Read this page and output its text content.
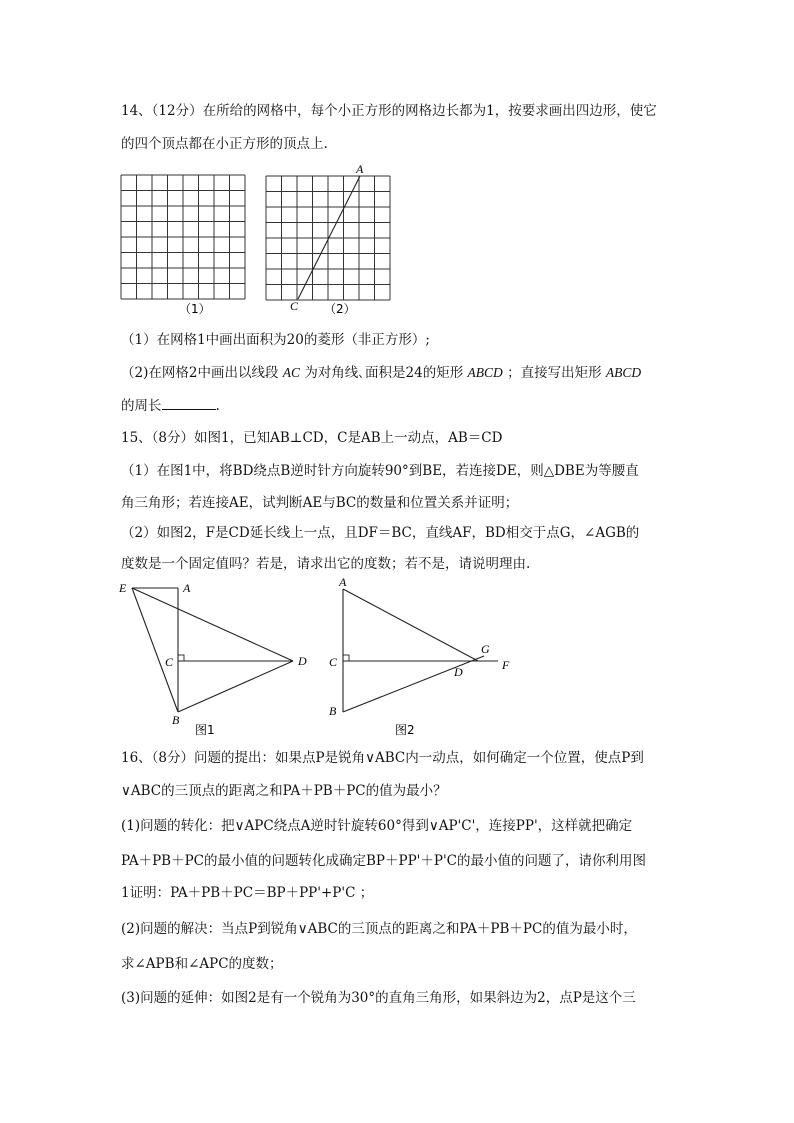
14、（12分）在所给的网格中，每个小正方形的网格边长都为1，按要求画出四边形，使它
的四个顶点都在小正方形的顶点上.
（1）
A
C （2）
（1）在网格1中画出面积为20的菱形（非正方形）;
（2)在网格2中画出以线段 AC 为对角线､面积是24的矩形 ABCD ；直接写出矩形 ABCD
的周长	.
15、（8分）如图1，已知AB⊥CD，C是AB上一动点，AB＝CD
（1）在图1中，将BD绕点B逆时针方向旋转90°到BE，若连接DE，则△DBE为等腰直
角三角形；若连接AE，试判断AE与BC的数量和位置关系并证明；
（2）如图2，F是CD延长线上一点，且DF＝BC，直线AF，BD相交于点G，∠AGB的
度数是一个固定值吗？若是，请求出它的度数；若不是，请说明理由.
E	A
C	D
B
图1
A
G
C
D	F
B
图2
16、（8分）问题的提出：如果点P是锐角∨ABC内一动点，如何确定一个位置，使点P到
∨ABC的三顶点的距离之和PA＋PB＋PC的值为最小？
(1)问题的转化：把∨APC绕点A逆时针旋转60°得到∨AP'C'，连接PP'，这样就把确定
PA＋PB＋PC的最小值的问题转化成确定BP＋PP'＋P'C的最小值的问题了，请你利用图
1证明：PA＋PB＋PC＝BP＋PP'+P'C ；
(2)问题的解决：当点P到锐角∨ABC的三顶点的距离之和PA＋PB＋PC的值为最小时，
求∠APB和∠APC的度数；
(3)问题的延伸：如图2是有一个锐角为30°的直角三角形，如果斜边为2，点P是这个三
